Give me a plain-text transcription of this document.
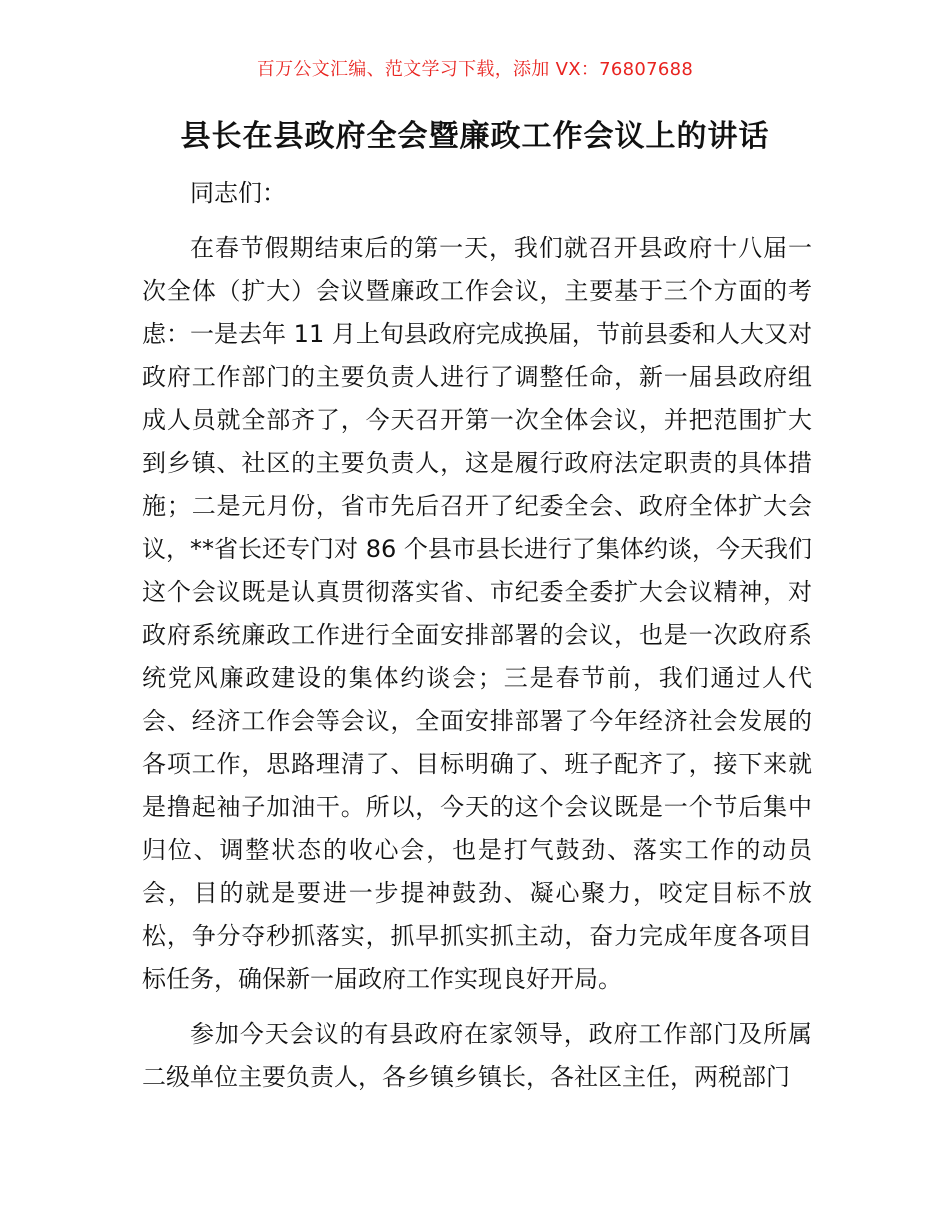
百万公文汇编、范文学习下载，添加 VX：76807688
县长在县政府全会暨廉政工作会议上的讲话

同志们：

在春节假期结束后的第一天，我们就召开县政府十八届一次全体（扩大）会议暨廉政工作会议，主要基于三个方面的考虑：一是去年 11 月上旬县政府完成换届，节前县委和人大又对政府工作部门的主要负责人进行了调整任命，新一届县政府组成人员就全部齐了，今天召开第一次全体会议，并把范围扩大到乡镇、社区的主要负责人，这是履行政府法定职责的具体措施；二是元月份，省市先后召开了纪委全会、政府全体扩大会议，**省长还专门对 86 个县市县长进行了集体约谈，今天我们这个会议既是认真贯彻落实省、市纪委全委扩大会议精神，对政府系统廉政工作进行全面安排部署的会议，也是一次政府系统党风廉政建设的集体约谈会；三是春节前，我们通过人代会、经济工作会等会议，全面安排部署了今年经济社会发展的各项工作，思路理清了、目标明确了、班子配齐了，接下来就是撸起袖子加油干。所以，今天的这个会议既是一个节后集中归位、调整状态的收心会，也是打气鼓劲、落实工作的动员会，目的就是要进一步提神鼓劲、凝心聚力，咬定目标不放松，争分夺秒抓落实，抓早抓实抓主动，奋力完成年度各项目标任务，确保新一届政府工作实现良好开局。

参加今天会议的有县政府在家领导，政府工作部门及所属二级单位主要负责人，各乡镇乡镇长，各社区主任，两税部门
